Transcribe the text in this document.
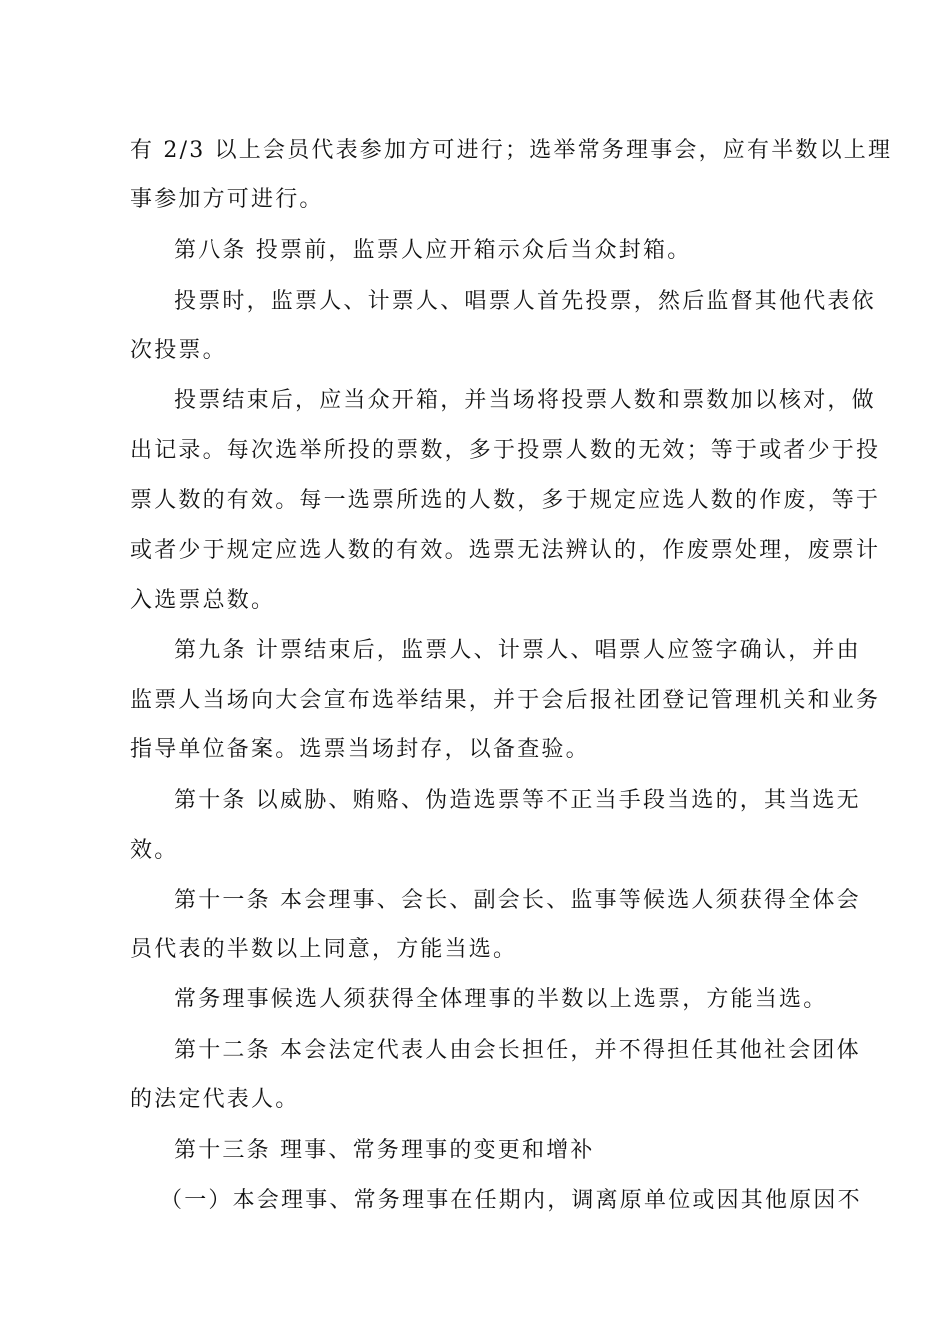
有 2/3 以上会员代表参加方可进行；选举常务理事会，应有半数以上理
事参加方可进行。
第八条 投票前，监票人应开箱示众后当众封箱。
投票时，监票人、计票人、唱票人首先投票，然后监督其他代表依
次投票。
投票结束后，应当众开箱，并当场将投票人数和票数加以核对，做
出记录。每次选举所投的票数，多于投票人数的无效；等于或者少于投
票人数的有效。每一选票所选的人数，多于规定应选人数的作废，等于
或者少于规定应选人数的有效。选票无法辨认的，作废票处理，废票计
入选票总数。
第九条 计票结束后，监票人、计票人、唱票人应签字确认，并由
监票人当场向大会宣布选举结果，并于会后报社团登记管理机关和业务
指导单位备案。选票当场封存，以备查验。
第十条 以威胁、贿赂、伪造选票等不正当手段当选的，其当选无
效。
第十一条 本会理事、会长、副会长、监事等候选人须获得全体会
员代表的半数以上同意，方能当选。
常务理事候选人须获得全体理事的半数以上选票，方能当选。
第十二条 本会法定代表人由会长担任，并不得担任其他社会团体
的法定代表人。
第十三条 理事、常务理事的变更和增补
（一）本会理事、常务理事在任期内，调离原单位或因其他原因不
